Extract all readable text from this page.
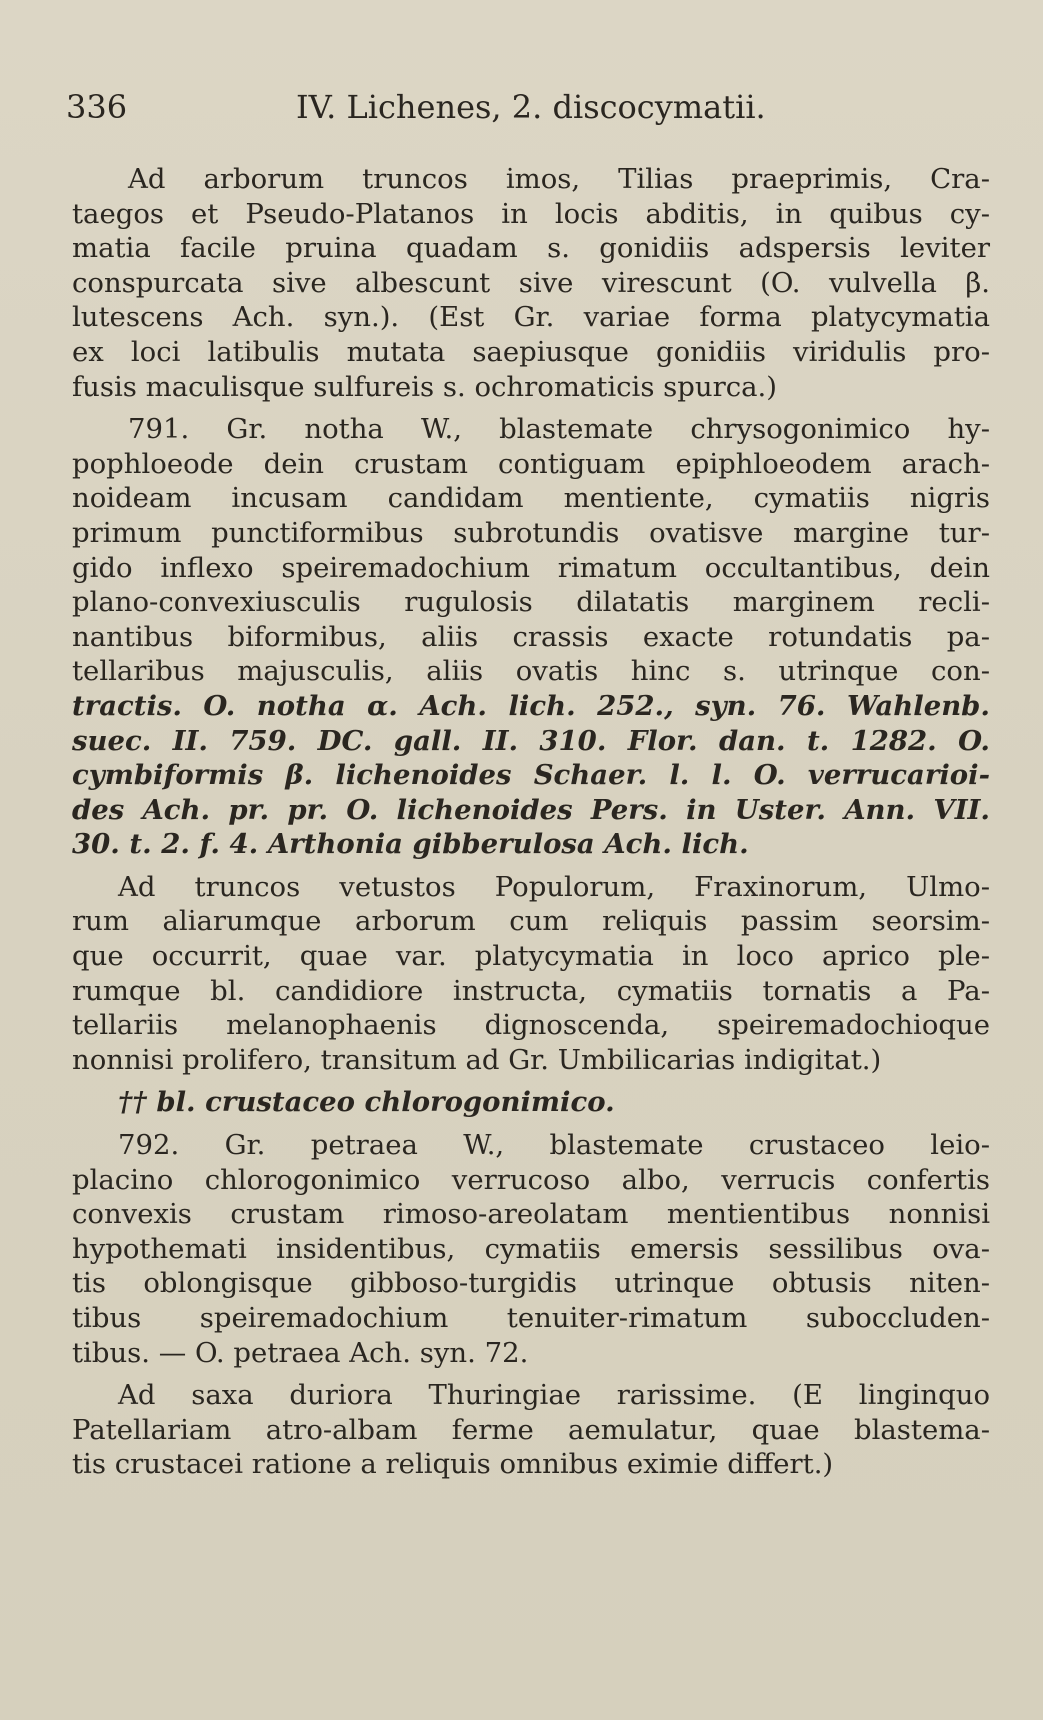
336	IV. Lichenes, 2. discocymatii.
Ad arborum truncos imos, Tilias praeprimis, Cra-
taegos et Pseudo-Platanos in locis abditis, in quibus cy-
matia facile pruina quadam s. gonidiis adspersis leviter
conspurcata sive albescunt sive virescunt (O. vulvella β.
lutescens Ach. syn.). (Est Gr. variae forma platycymatia
ex loci latibulis mutata saepiusque gonidiis viridulis pro-
fusis maculisque sulfureis s. ochromaticis spurca.)
791. Gr. notha W., blastemate chrysogonimico hy-
pophloeode dein crustam contiguam epiphloeodem arach-
noideam incusam candidam mentiente, cymatiis nigris
primum punctiformibus subrotundis ovatisve margine tur-
gido inflexo speiremadochium rimatum occultantibus, dein
plano-convexiusculis rugulosis dilatatis marginem recli-
nantibus biformibus, aliis crassis exacte rotundatis pa-
tellaribus majusculis, aliis ovatis hinc s. utrinque con-
tractis. O. notha α. Ach. lich. 252., syn. 76. Wahlenb.
suec. II. 759. DC. gall. II. 310. Flor. dan. t. 1282. O.
cymbiformis β. lichenoides Schaer. l. l. O. verrucarioi-
des Ach. pr. pr. O. lichenoides Pers. in Uster. Ann. VII.
30. t. 2. f. 4. Arthonia gibberulosa Ach. lich.
Ad truncos vetustos Populorum, Fraxinorum, Ulmo-
rum aliarumque arborum cum reliquis passim seorsim-
que occurrit, quae var. platycymatia in loco aprico ple-
rumque bl. candidiore instructa, cymatiis tornatis a Pa-
tellariis melanophaenis dignoscenda, speiremadochioque
nonnisi prolifero, transitum ad Gr. Umbilicarias indigitat.)
†† bl. crustaceo chlorogonimico.
792. Gr. petraea W., blastemate crustaceo leio-
placino chlorogonimico verrucoso albo, verrucis confertis
convexis crustam rimoso-areolatam mentientibus nonnisi
hypothemati insidentibus, cymatiis emersis sessilibus ova-
tis oblongisque gibboso-turgidis utrinque obtusis niten-
tibus speiremadochium tenuiter-rimatum suboccluden-
tibus. — O. petraea Ach. syn. 72.
Ad saxa duriora Thuringiae rarissime. (E linginquo
Patellariam atro-albam ferme aemulatur, quae blastema-
tis crustacei ratione a reliquis omnibus eximie differt.)
